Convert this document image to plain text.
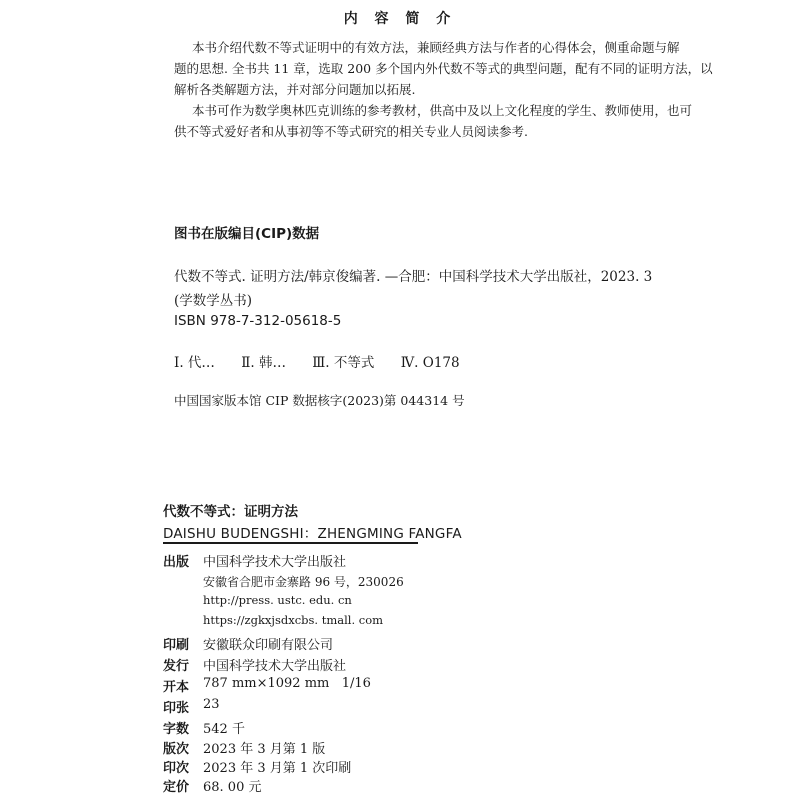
内 容 简 介
本书介绍代数不等式证明中的有效方法，兼顾经典方法与作者的心得体会，侧重命题与解
题的思想. 全书共 11 章，选取 200 多个国内外代数不等式的典型问题，配有不同的证明方法，以
解析各类解题方法，并对部分问题加以拓展.
本书可作为数学奥林匹克训练的参考教材，供高中及以上文化程度的学生、教师使用，也可
供不等式爱好者和从事初等不等式研究的相关专业人员阅读参考.
图书在版编目(CIP)数据
代数不等式. 证明方法/韩京俊编著. —合肥：中国科学技术大学出版社，2023. 3
(学数学丛书)
ISBN 978-7-312-05618-5
Ⅰ. 代… Ⅱ. 韩… Ⅲ. 不等式 Ⅳ. O178
中国国家版本馆 CIP 数据核字(2023)第 044314 号
代数不等式：证明方法
DAISHU BUDENGSHI：ZHENGMING FANGFA
出版 中国科学技术大学出版社
安徽省合肥市金寨路 96 号，230026
http://press. ustc. edu. cn
https://zgkxjsdxcbs. tmall. com
印刷 安徽联众印刷有限公司
发行 中国科学技术大学出版社
开本 787 mm×1092 mm   1/16
印张 23
字数 542 千
版次 2023 年 3 月第 1 版
印次 2023 年 3 月第 1 次印刷
定价 68. 00 元
